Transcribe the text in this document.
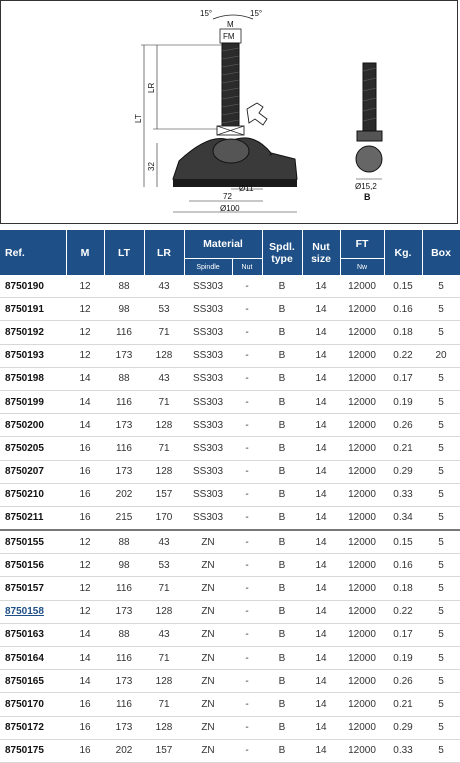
15°	15°
M
FM
*
LT
LR
32
Ø11
72
Ø100
Ø15,2
B
Ref.	M	LT	LR	Material		Spdl. type	Nut size	FT	Kg.	Box
				Spindle	Nut			Nw		
8750190	12	88	43	SS303	-	B	14	12000	0.15	5
8750191	12	98	53	SS303	-	B	14	12000	0.16	5
8750192	12	116	71	SS303	-	B	14	12000	0.18	5
8750193	12	173	128	SS303	-	B	14	12000	0.22	20
8750198	14	88	43	SS303	-	B	14	12000	0.17	5
8750199	14	116	71	SS303	-	B	14	12000	0.19	5
8750200	14	173	128	SS303	-	B	14	12000	0.26	5
8750205	16	116	71	SS303	-	B	14	12000	0.21	5
8750207	16	173	128	SS303	-	B	14	12000	0.29	5
8750210	16	202	157	SS303	-	B	14	12000	0.33	5
8750211	16	215	170	SS303	-	B	14	12000	0.34	5
8750155	12	88	43	ZN	-	B	14	12000	0.15	5
8750156	12	98	53	ZN	-	B	14	12000	0.16	5
8750157	12	116	71	ZN	-	B	14	12000	0.18	5
8750158	12	173	128	ZN	-	B	14	12000	0.22	5
8750163	14	88	43	ZN	-	B	14	12000	0.17	5
8750164	14	116	71	ZN	-	B	14	12000	0.19	5
8750165	14	173	128	ZN	-	B	14	12000	0.26	5
8750170	16	116	71	ZN	-	B	14	12000	0.21	5
8750172	16	173	128	ZN	-	B	14	12000	0.29	5
8750175	16	202	157	ZN	-	B	14	12000	0.33	5
